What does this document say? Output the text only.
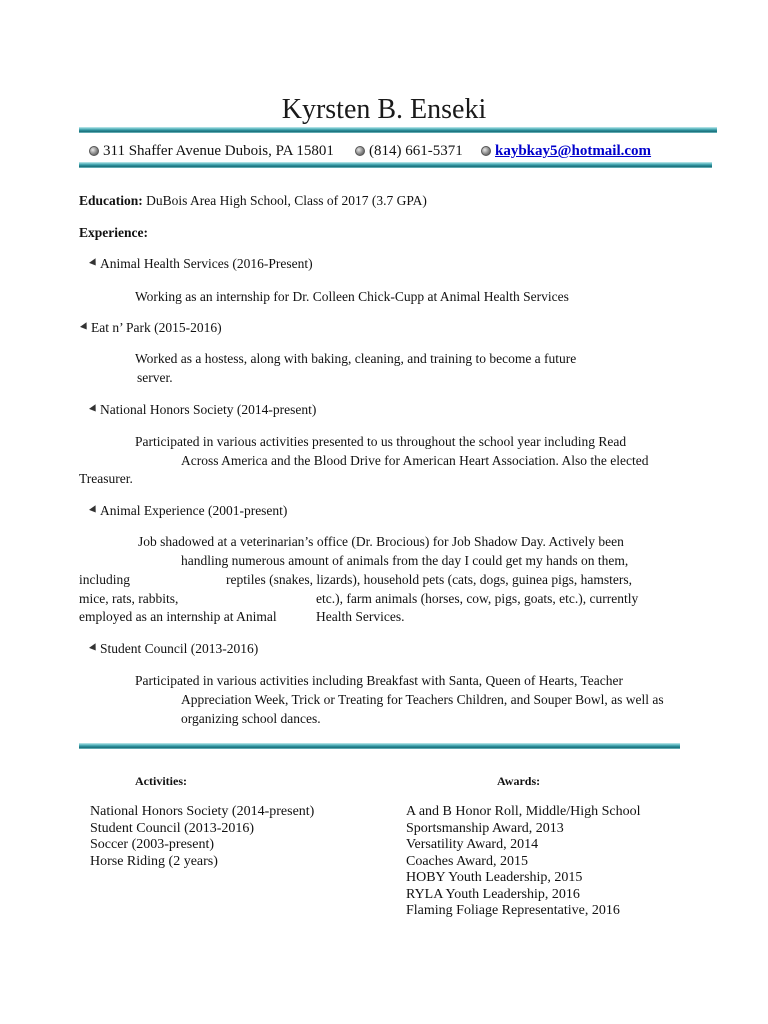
Kyrsten B. Enseki
311 Shaffer Avenue Dubois, PA 15801	(814) 661-5371	kaybkay5@hotmail.com
Education: DuBois Area High School, Class of 2017 (3.7 GPA)
Experience:
Animal Health Services (2016-Present)
Working as an internship for Dr. Colleen Chick-Cupp at Animal Health Services
Eat n’ Park (2015-2016)
Worked as a hostess, along with baking, cleaning, and training to become a future
server.
National Honors Society (2014-present)
Participated in various activities presented to us throughout the school year including Read
Across America and the Blood Drive for American Heart Association. Also the elected
Treasurer.
Animal Experience (2001-present)
Job shadowed at a veterinarian’s office (Dr. Brocious) for Job Shadow Day. Actively been
handling numerous amount of animals from the day I could get my hands on them,
including	reptiles (snakes, lizards), household pets (cats, dogs, guinea pigs, hamsters,
mice, rats, rabbits,	etc.), farm animals (horses, cow, pigs, goats, etc.), currently
employed as an internship at Animal	Health Services.
Student Council (2013-2016)
Participated in various activities including Breakfast with Santa, Queen of Hearts, Teacher
Appreciation Week, Trick or Treating for Teachers Children, and Souper Bowl, as well as
organizing school dances.
Activities:	Awards:
National Honors Society (2014-present)
Student Council (2013-2016)
Soccer (2003-present)
Horse Riding (2 years)
A and B Honor Roll, Middle/High School
Sportsmanship Award, 2013
Versatility Award, 2014
Coaches Award, 2015
HOBY Youth Leadership, 2015
RYLA Youth Leadership, 2016
Flaming Foliage Representative, 2016
